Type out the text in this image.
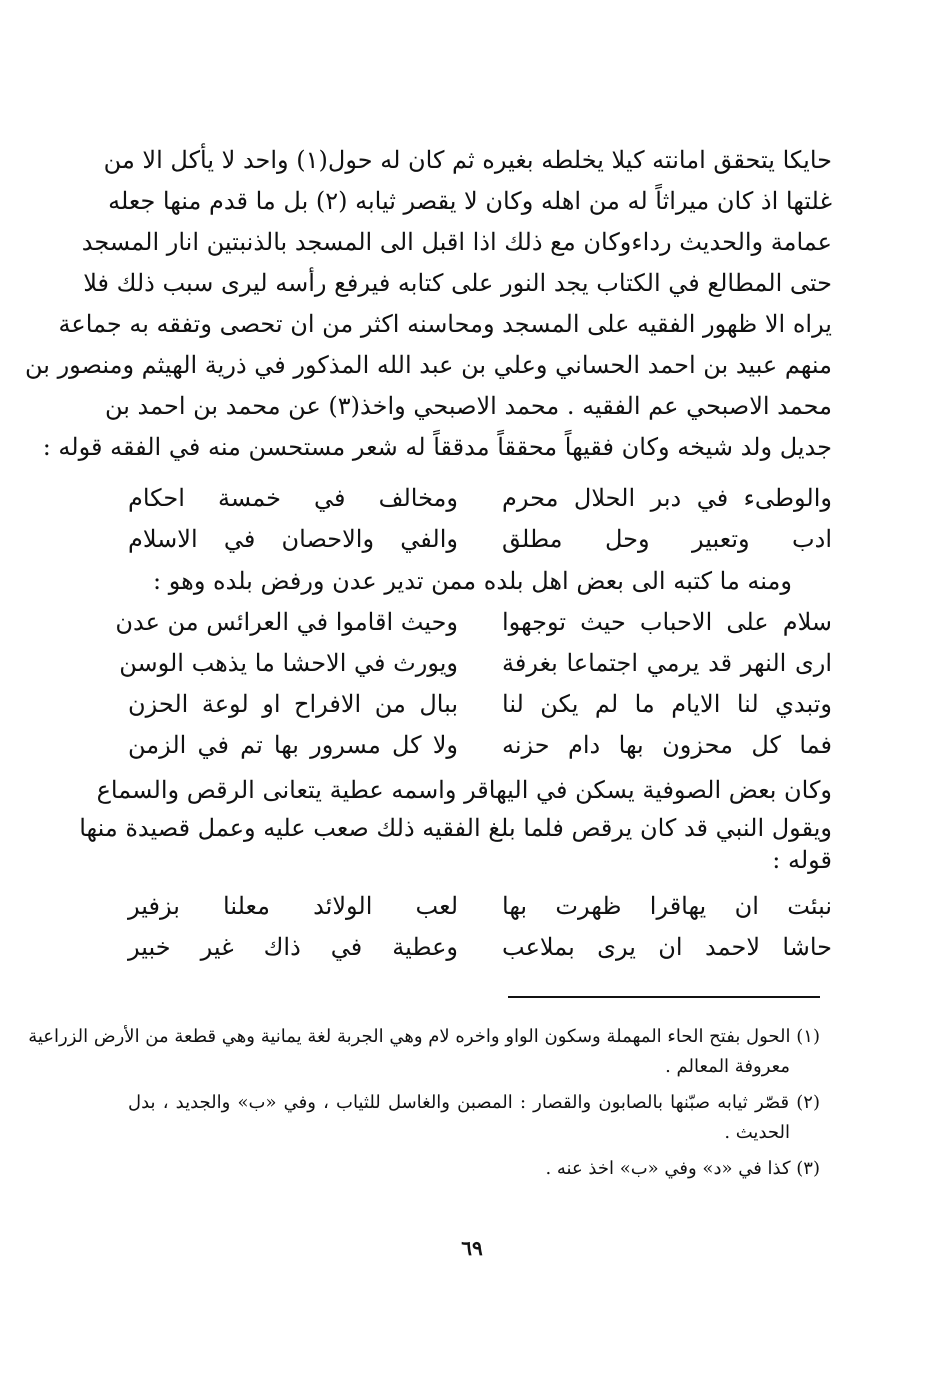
حايكا يتحقق امانته كيلا يخلطه بغيره ثم كان له حول(١) واحد لا يأكل الا من
غلتها اذ كان ميراثاً له من اهله وكان لا يقصر ثيابه (٢) بل ما قدم منها جعله
عمامة والحديث رداءوكان مع ذلك اذا اقبل الى المسجد بالذنبتين انار المسجد
حتى المطالع في الكتاب يجد النور على كتابه فيرفع رأسه ليرى سبب ذلك فلا
يراه الا ظهور الفقيه على المسجد ومحاسنه اكثر من ان تحصى وتفقه به جماعة
منهم عبيد بن احمد الحساني وعلي بن عبد الله المذكور في ذرية الهيثم ومنصور بن
محمد الاصبحي عم الفقيه . محمد الاصبحي واخذ(٣) عن محمد بن احمد بن
جديل ولد شيخه وكان فقيهاً محققاً مدققاً له شعر مستحسن منه في الفقه قوله :
والوطىء في دبر الحلال محرم
ومخالف في خمسة احكام
ادب وتعبير وحل مطلق
والفي والاحصان في الاسلام
ومنه ما كتبه الى بعض اهل بلده ممن تدير عدن ورفض بلده وهو :
سلام على الاحباب حيث توجهوا
وحيث اقاموا في العرائس من عدن
ارى النهر قد يرمي اجتماعا بغرفة
ويورث في الاحشا ما يذهب الوسن
وتبدي لنا الايام ما لم يكن لنا
ببال من الافراح او لوعة الحزن
فما كل محزون بها دام حزنه
ولا كل مسرور بها تم في الزمن
وكان بعض الصوفية يسكن في اليهاقر واسمه عطية يتعانى الرقص والسماع
ويقول النبي قد كان يرقص فلما بلغ الفقيه ذلك صعب عليه وعمل قصيدة منها
قوله :
نبئت ان يهاقرا ظهرت بها
لعب الولائد معلنا بزفير
حاشا لاحمد ان يرى بملاعب
وعطية في ذاك غير خبير
(١) الحول بفتح الحاء المهملة وسكون الواو واخره لام وهي الجربة لغة يمانية وهي قطعة من الأرض الزراعية
معروفة المعالم .
(٢) قصّر ثيابه صبّنها بالصابون والقصار : المصبن والغاسل للثياب ، وفي «ب» والجديد ، بدل
الحديث .
(٣) كذا في «د» وفي «ب» اخذ عنه .
٦٩
